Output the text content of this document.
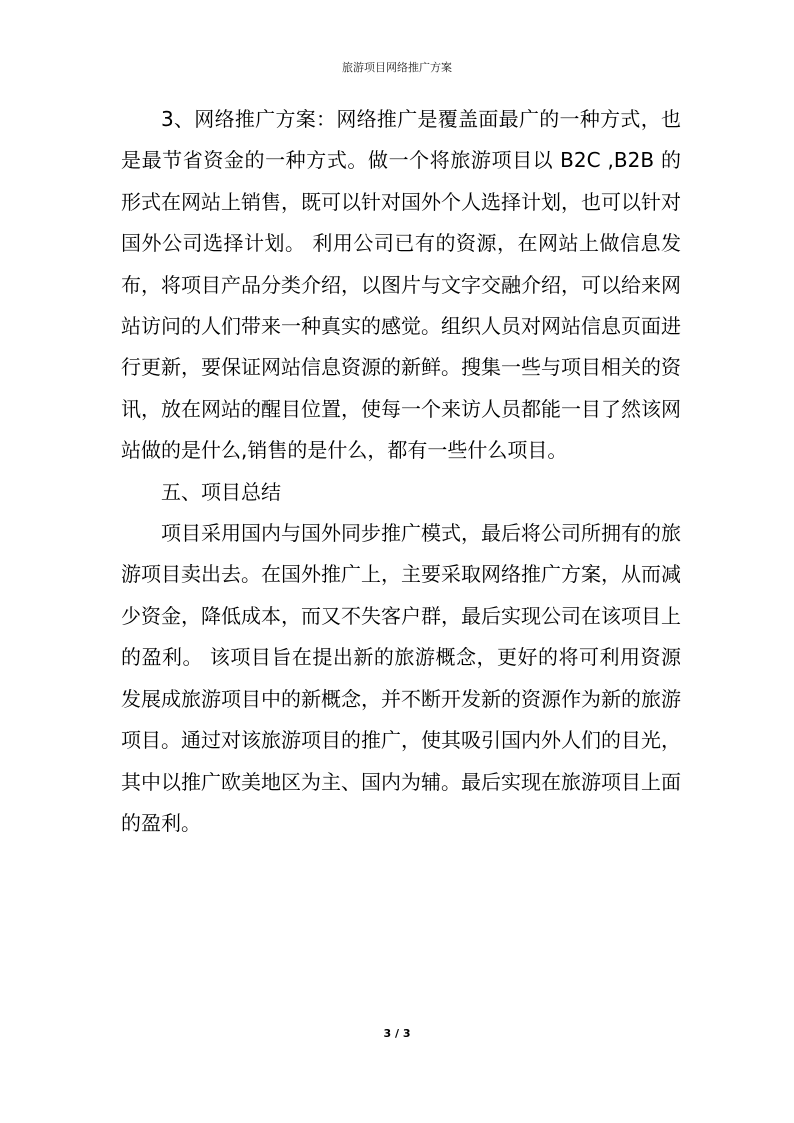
旅游项目网络推广方案

3、网络推广方案：网络推广是覆盖面最广的一种方式，也是最节省资金的一种方式。做一个将旅游项目以 B2C ,B2B 的形式在网站上销售，既可以针对国外个人选择计划，也可以针对国外公司选择计划。 利用公司已有的资源，在网站上做信息发布，将项目产品分类介绍，以图片与文字交融介绍，可以给来网站访问的人们带来一种真实的感觉。组织人员对网站信息页面进行更新，要保证网站信息资源的新鲜。搜集一些与项目相关的资讯，放在网站的醒目位置，使每一个来访人员都能一目了然该网站做的是什么,销售的是什么，都有一些什么项目。

五、项目总结

项目采用国内与国外同步推广模式，最后将公司所拥有的旅游项目卖出去。在国外推广上，主要采取网络推广方案，从而减少资金，降低成本，而又不失客户群，最后实现公司在该项目上的盈利。 该项目旨在提出新的旅游概念，更好的将可利用资源发展成旅游项目中的新概念，并不断开发新的资源作为新的旅游项目。通过对该旅游项目的推广，使其吸引国内外人们的目光，其中以推广欧美地区为主、国内为辅。最后实现在旅游项目上面的盈利。

3 / 3
